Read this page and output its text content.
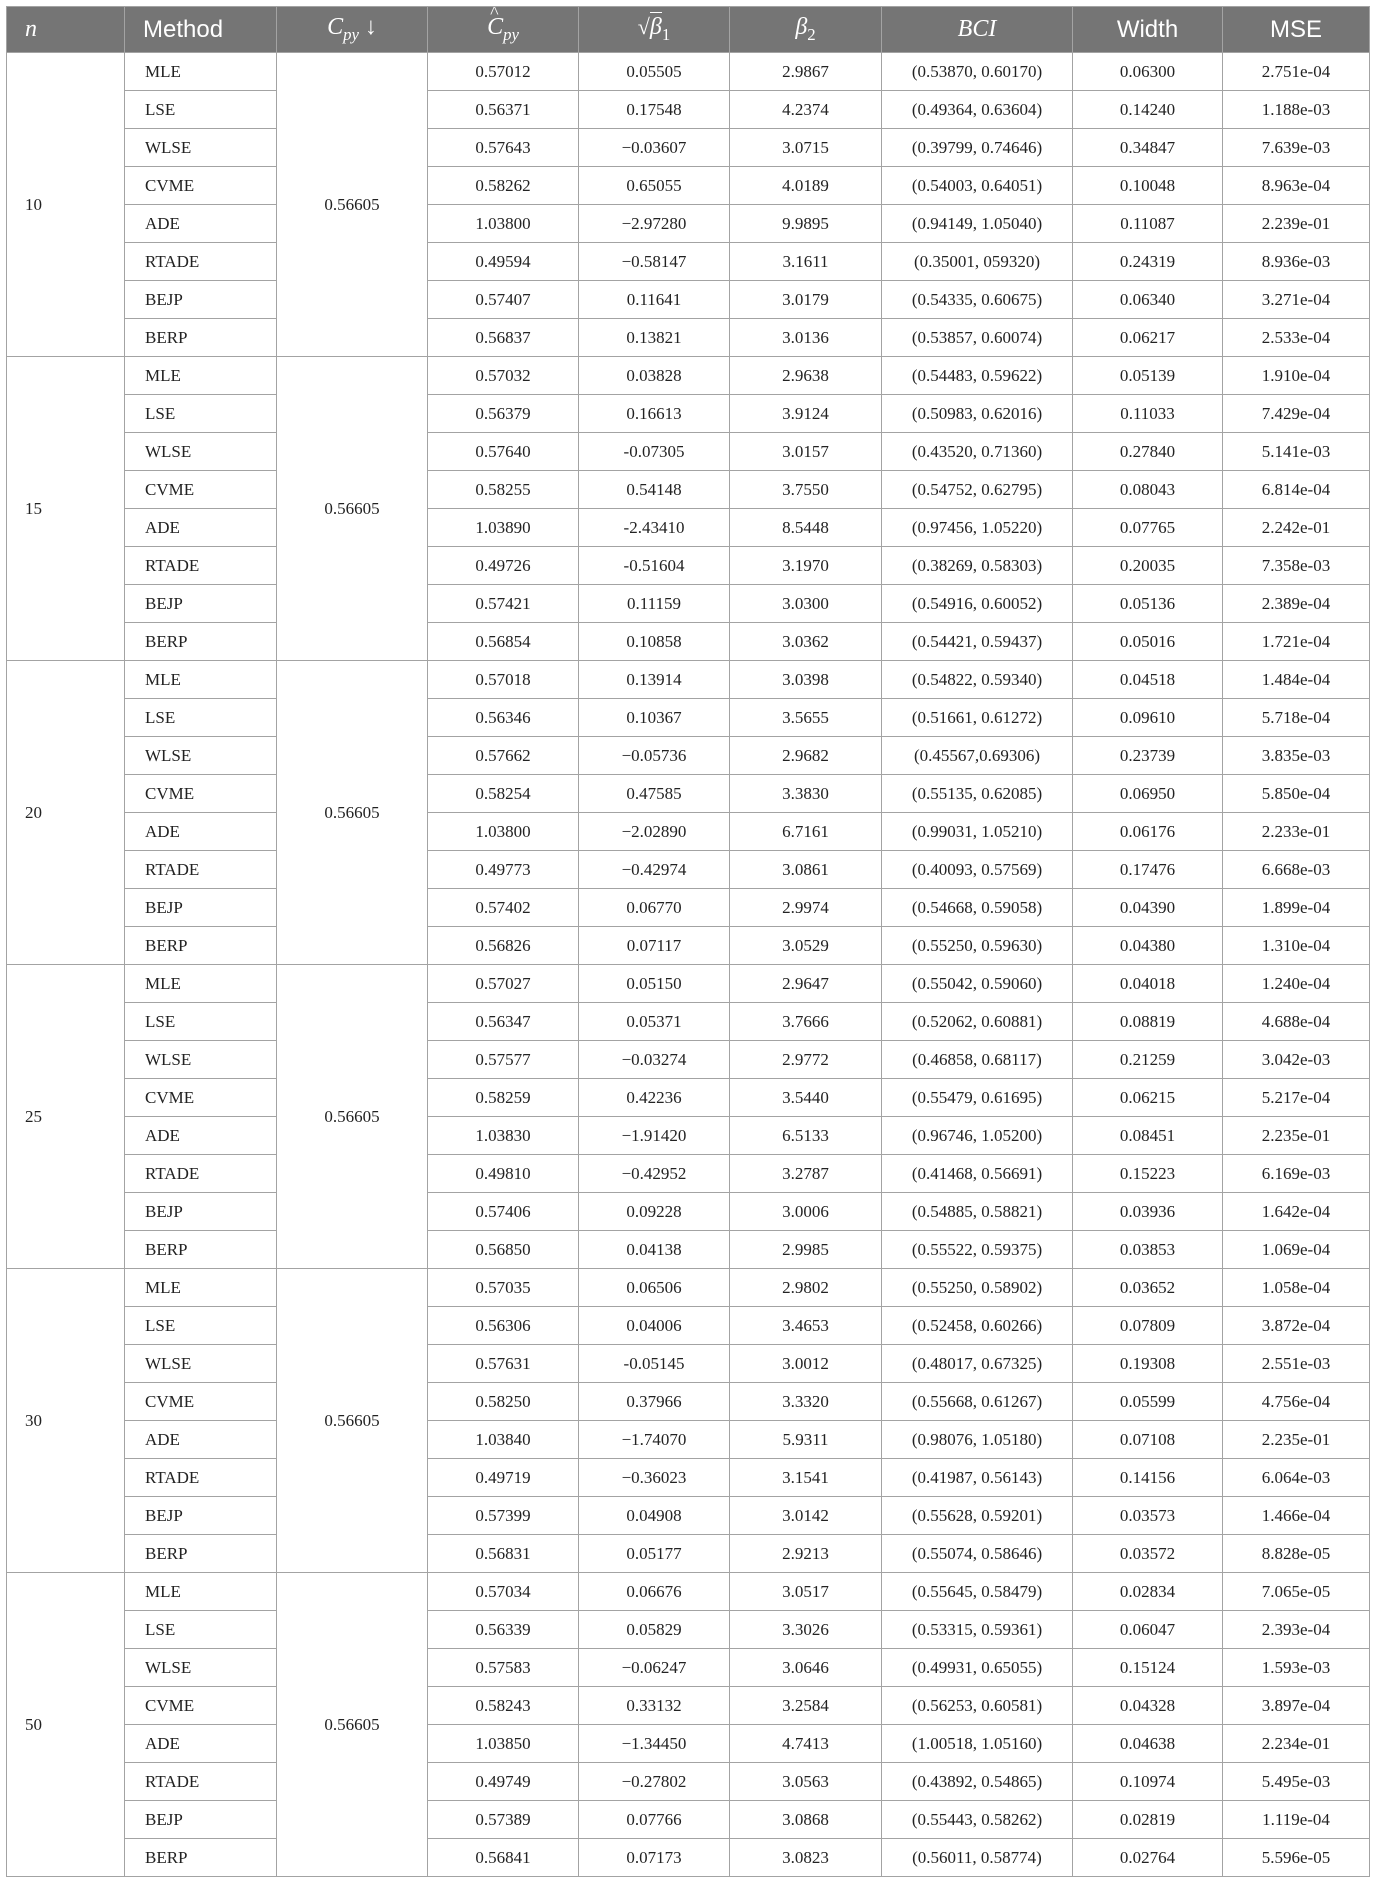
n	Method	$C_{py}$ ↓	^ $C_{py}$	$√\beta_1$	$\beta_2$	BCI	Width	MSE
10	MLE	0.56605	0.57012	0.05505	2.9867	(0.53870, 0.60170)	0.06300	2.751e-04
	LSE		0.56371	0.17548	4.2374	(0.49364, 0.63604)	0.14240	1.188e-03
	WLSE		0.57643	−0.03607	3.0715	(0.39799, 0.74646)	0.34847	7.639e-03
	CVME		0.58262	0.65055	4.0189	(0.54003, 0.64051)	0.10048	8.963e-04
	ADE		1.03800	−2.97280	9.9895	(0.94149, 1.05040)	0.11087	2.239e-01
	RTADE		0.49594	−0.58147	3.1611	(0.35001, 059320)	0.24319	8.936e-03
	BEJP		0.57407	0.11641	3.0179	(0.54335, 0.60675)	0.06340	3.271e-04
	BERP		0.56837	0.13821	3.0136	(0.53857, 0.60074)	0.06217	2.533e-04
15	MLE	0.56605	0.57032	0.03828	2.9638	(0.54483, 0.59622)	0.05139	1.910e-04
	LSE		0.56379	0.16613	3.9124	(0.50983, 0.62016)	0.11033	7.429e-04
	WLSE		0.57640	-0.07305	3.0157	(0.43520, 0.71360)	0.27840	5.141e-03
	CVME		0.58255	0.54148	3.7550	(0.54752, 0.62795)	0.08043	6.814e-04
	ADE		1.03890	-2.43410	8.5448	(0.97456, 1.05220)	0.07765	2.242e-01
	RTADE		0.49726	-0.51604	3.1970	(0.38269, 0.58303)	0.20035	7.358e-03
	BEJP		0.57421	0.11159	3.0300	(0.54916, 0.60052)	0.05136	2.389e-04
	BERP		0.56854	0.10858	3.0362	(0.54421, 0.59437)	0.05016	1.721e-04
20	MLE	0.56605	0.57018	0.13914	3.0398	(0.54822, 0.59340)	0.04518	1.484e-04
	LSE		0.56346	0.10367	3.5655	(0.51661, 0.61272)	0.09610	5.718e-04
	WLSE		0.57662	−0.05736	2.9682	(0.45567,0.69306)	0.23739	3.835e-03
	CVME		0.58254	0.47585	3.3830	(0.55135, 0.62085)	0.06950	5.850e-04
	ADE		1.03800	−2.02890	6.7161	(0.99031, 1.05210)	0.06176	2.233e-01
	RTADE		0.49773	−0.42974	3.0861	(0.40093, 0.57569)	0.17476	6.668e-03
	BEJP		0.57402	0.06770	2.9974	(0.54668, 0.59058)	0.04390	1.899e-04
	BERP		0.56826	0.07117	3.0529	(0.55250, 0.59630)	0.04380	1.310e-04
25	MLE	0.56605	0.57027	0.05150	2.9647	(0.55042, 0.59060)	0.04018	1.240e-04
	LSE		0.56347	0.05371	3.7666	(0.52062, 0.60881)	0.08819	4.688e-04
	WLSE		0.57577	−0.03274	2.9772	(0.46858, 0.68117)	0.21259	3.042e-03
	CVME		0.58259	0.42236	3.5440	(0.55479, 0.61695)	0.06215	5.217e-04
	ADE		1.03830	−1.91420	6.5133	(0.96746, 1.05200)	0.08451	2.235e-01
	RTADE		0.49810	−0.42952	3.2787	(0.41468, 0.56691)	0.15223	6.169e-03
	BEJP		0.57406	0.09228	3.0006	(0.54885, 0.58821)	0.03936	1.642e-04
	BERP		0.56850	0.04138	2.9985	(0.55522, 0.59375)	0.03853	1.069e-04
30	MLE	0.56605	0.57035	0.06506	2.9802	(0.55250, 0.58902)	0.03652	1.058e-04
	LSE		0.56306	0.04006	3.4653	(0.52458, 0.60266)	0.07809	3.872e-04
	WLSE		0.57631	-0.05145	3.0012	(0.48017, 0.67325)	0.19308	2.551e-03
	CVME		0.58250	0.37966	3.3320	(0.55668, 0.61267)	0.05599	4.756e-04
	ADE		1.03840	−1.74070	5.9311	(0.98076, 1.05180)	0.07108	2.235e-01
	RTADE		0.49719	−0.36023	3.1541	(0.41987, 0.56143)	0.14156	6.064e-03
	BEJP		0.57399	0.04908	3.0142	(0.55628, 0.59201)	0.03573	1.466e-04
	BERP		0.56831	0.05177	2.9213	(0.55074, 0.58646)	0.03572	8.828e-05
50	MLE	0.56605	0.57034	0.06676	3.0517	(0.55645, 0.58479)	0.02834	7.065e-05
	LSE		0.56339	0.05829	3.3026	(0.53315, 0.59361)	0.06047	2.393e-04
	WLSE		0.57583	−0.06247	3.0646	(0.49931, 0.65055)	0.15124	1.593e-03
	CVME		0.58243	0.33132	3.2584	(0.56253, 0.60581)	0.04328	3.897e-04
	ADE		1.03850	−1.34450	4.7413	(1.00518, 1.05160)	0.04638	2.234e-01
	RTADE		0.49749	−0.27802	3.0563	(0.43892, 0.54865)	0.10974	5.495e-03
	BEJP		0.57389	0.07766	3.0868	(0.55443, 0.58262)	0.02819	1.119e-04
	BERP		0.56841	0.07173	3.0823	(0.56011, 0.58774)	0.02764	5.596e-05
